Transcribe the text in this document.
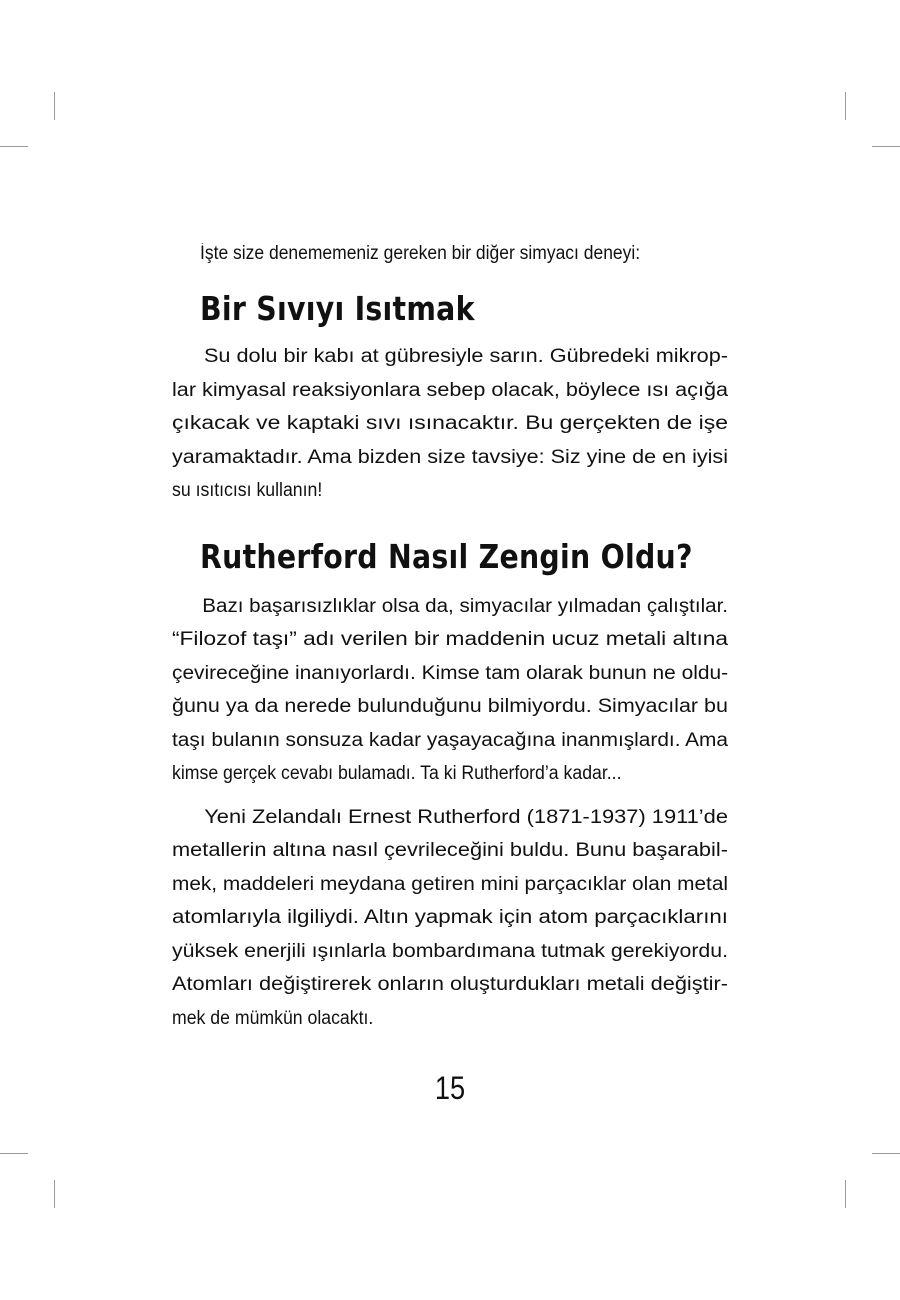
İşte size denememeniz gereken bir diğer simyacı deneyi:

Bir Sıvıyı Isıtmak

Su dolu bir kabı at gübresiyle sarın. Gübredeki mikrop-
lar kimyasal reaksiyonlara sebep olacak, böylece ısı açığa
çıkacak ve kaptaki sıvı ısınacaktır. Bu gerçekten de işe
yaramaktadır. Ama bizden size tavsiye: Siz yine de en iyisi
su ısıtıcısı kullanın!

Rutherford Nasıl Zengin Oldu?

Bazı başarısızlıklar olsa da, simyacılar yılmadan çalıştılar.
“Filozof taşı” adı verilen bir maddenin ucuz metali altına
çevireceğine inanıyorlardı. Kimse tam olarak bunun ne oldu-
ğunu ya da nerede bulunduğunu bilmiyordu. Simyacılar bu
taşı bulanın sonsuza kadar yaşayacağına inanmışlardı. Ama
kimse gerçek cevabı bulamadı. Ta ki Rutherford’a kadar...

Yeni Zelandalı Ernest Rutherford (1871-1937) 1911’de
metallerin altına nasıl çevrileceğini buldu. Bunu başarabil-
mek, maddeleri meydana getiren mini parçacıklar olan metal
atomlarıyla ilgiliydi. Altın yapmak için atom parçacıklarını
yüksek enerjili ışınlarla bombardımana tutmak gerekiyordu.
Atomları değiştirerek onların oluşturdukları metali değiştir-
mek de mümkün olacaktı.

15
